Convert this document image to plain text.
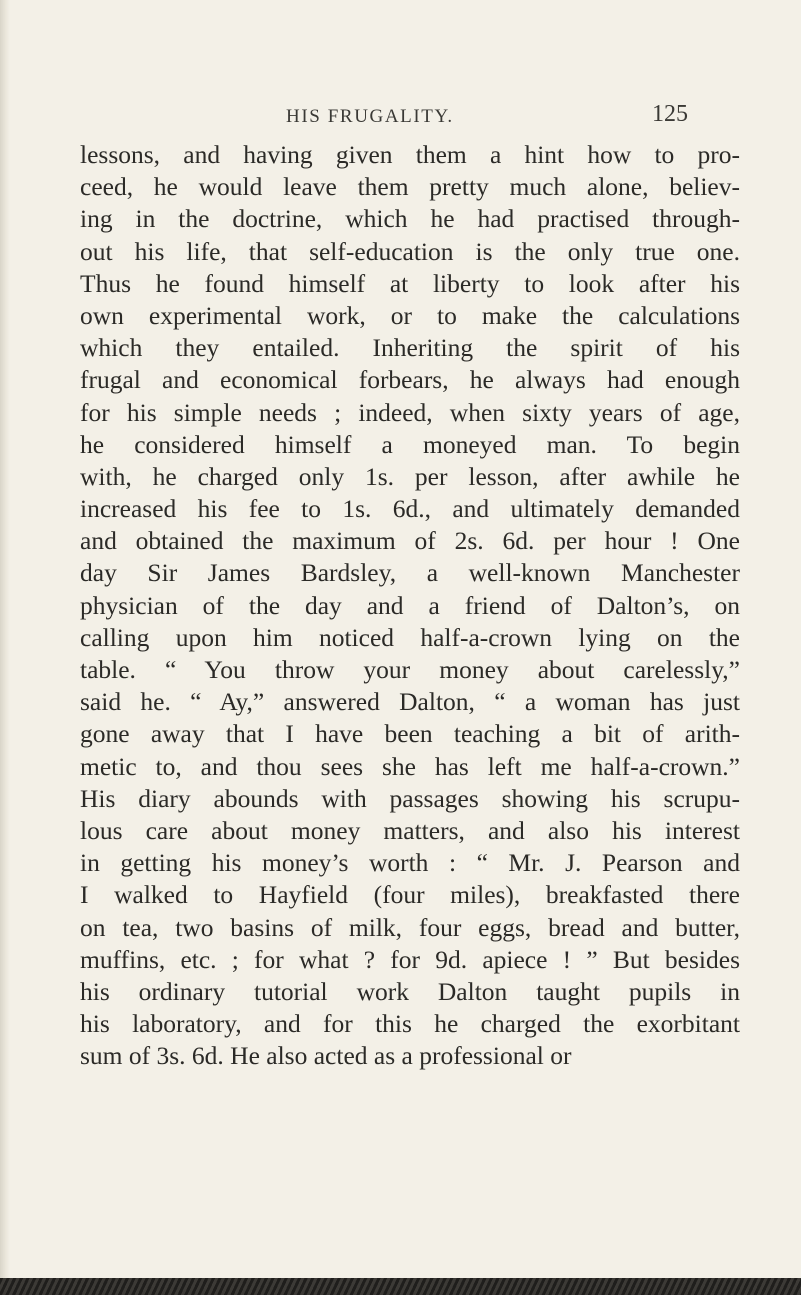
HIS FRUGALITY.	125
lessons, and having given them a hint how to pro-
ceed, he would leave them pretty much alone, believ-
ing in the doctrine, which he had practised through-
out his life, that self-education is the only true one.
Thus he found himself at liberty to look after his
own experimental work, or to make the calculations
which they entailed. Inheriting the spirit of his
frugal and economical forbears, he always had enough
for his simple needs ; indeed, when sixty years of age,
he considered himself a moneyed man. To begin
with, he charged only 1s. per lesson, after awhile he
increased his fee to 1s. 6d., and ultimately demanded
and obtained the maximum of 2s. 6d. per hour ! One
day Sir James Bardsley, a well-known Manchester
physician of the day and a friend of Dalton’s, on
calling upon him noticed half-a-crown lying on the
table. “ You throw your money about carelessly,”
said he. “ Ay,” answered Dalton, “ a woman has just
gone away that I have been teaching a bit of arith-
metic to, and thou sees she has left me half-a-crown.”
His diary abounds with passages showing his scrupu-
lous care about money matters, and also his interest
in getting his money’s worth : “ Mr. J. Pearson and
I walked to Hayfield (four miles), breakfasted there
on tea, two basins of milk, four eggs, bread and butter,
muffins, etc. ; for what ? for 9d. apiece ! ” But besides
his ordinary tutorial work Dalton taught pupils in
his laboratory, and for this he charged the exorbitant
sum of 3s. 6d. He also acted as a professional or
